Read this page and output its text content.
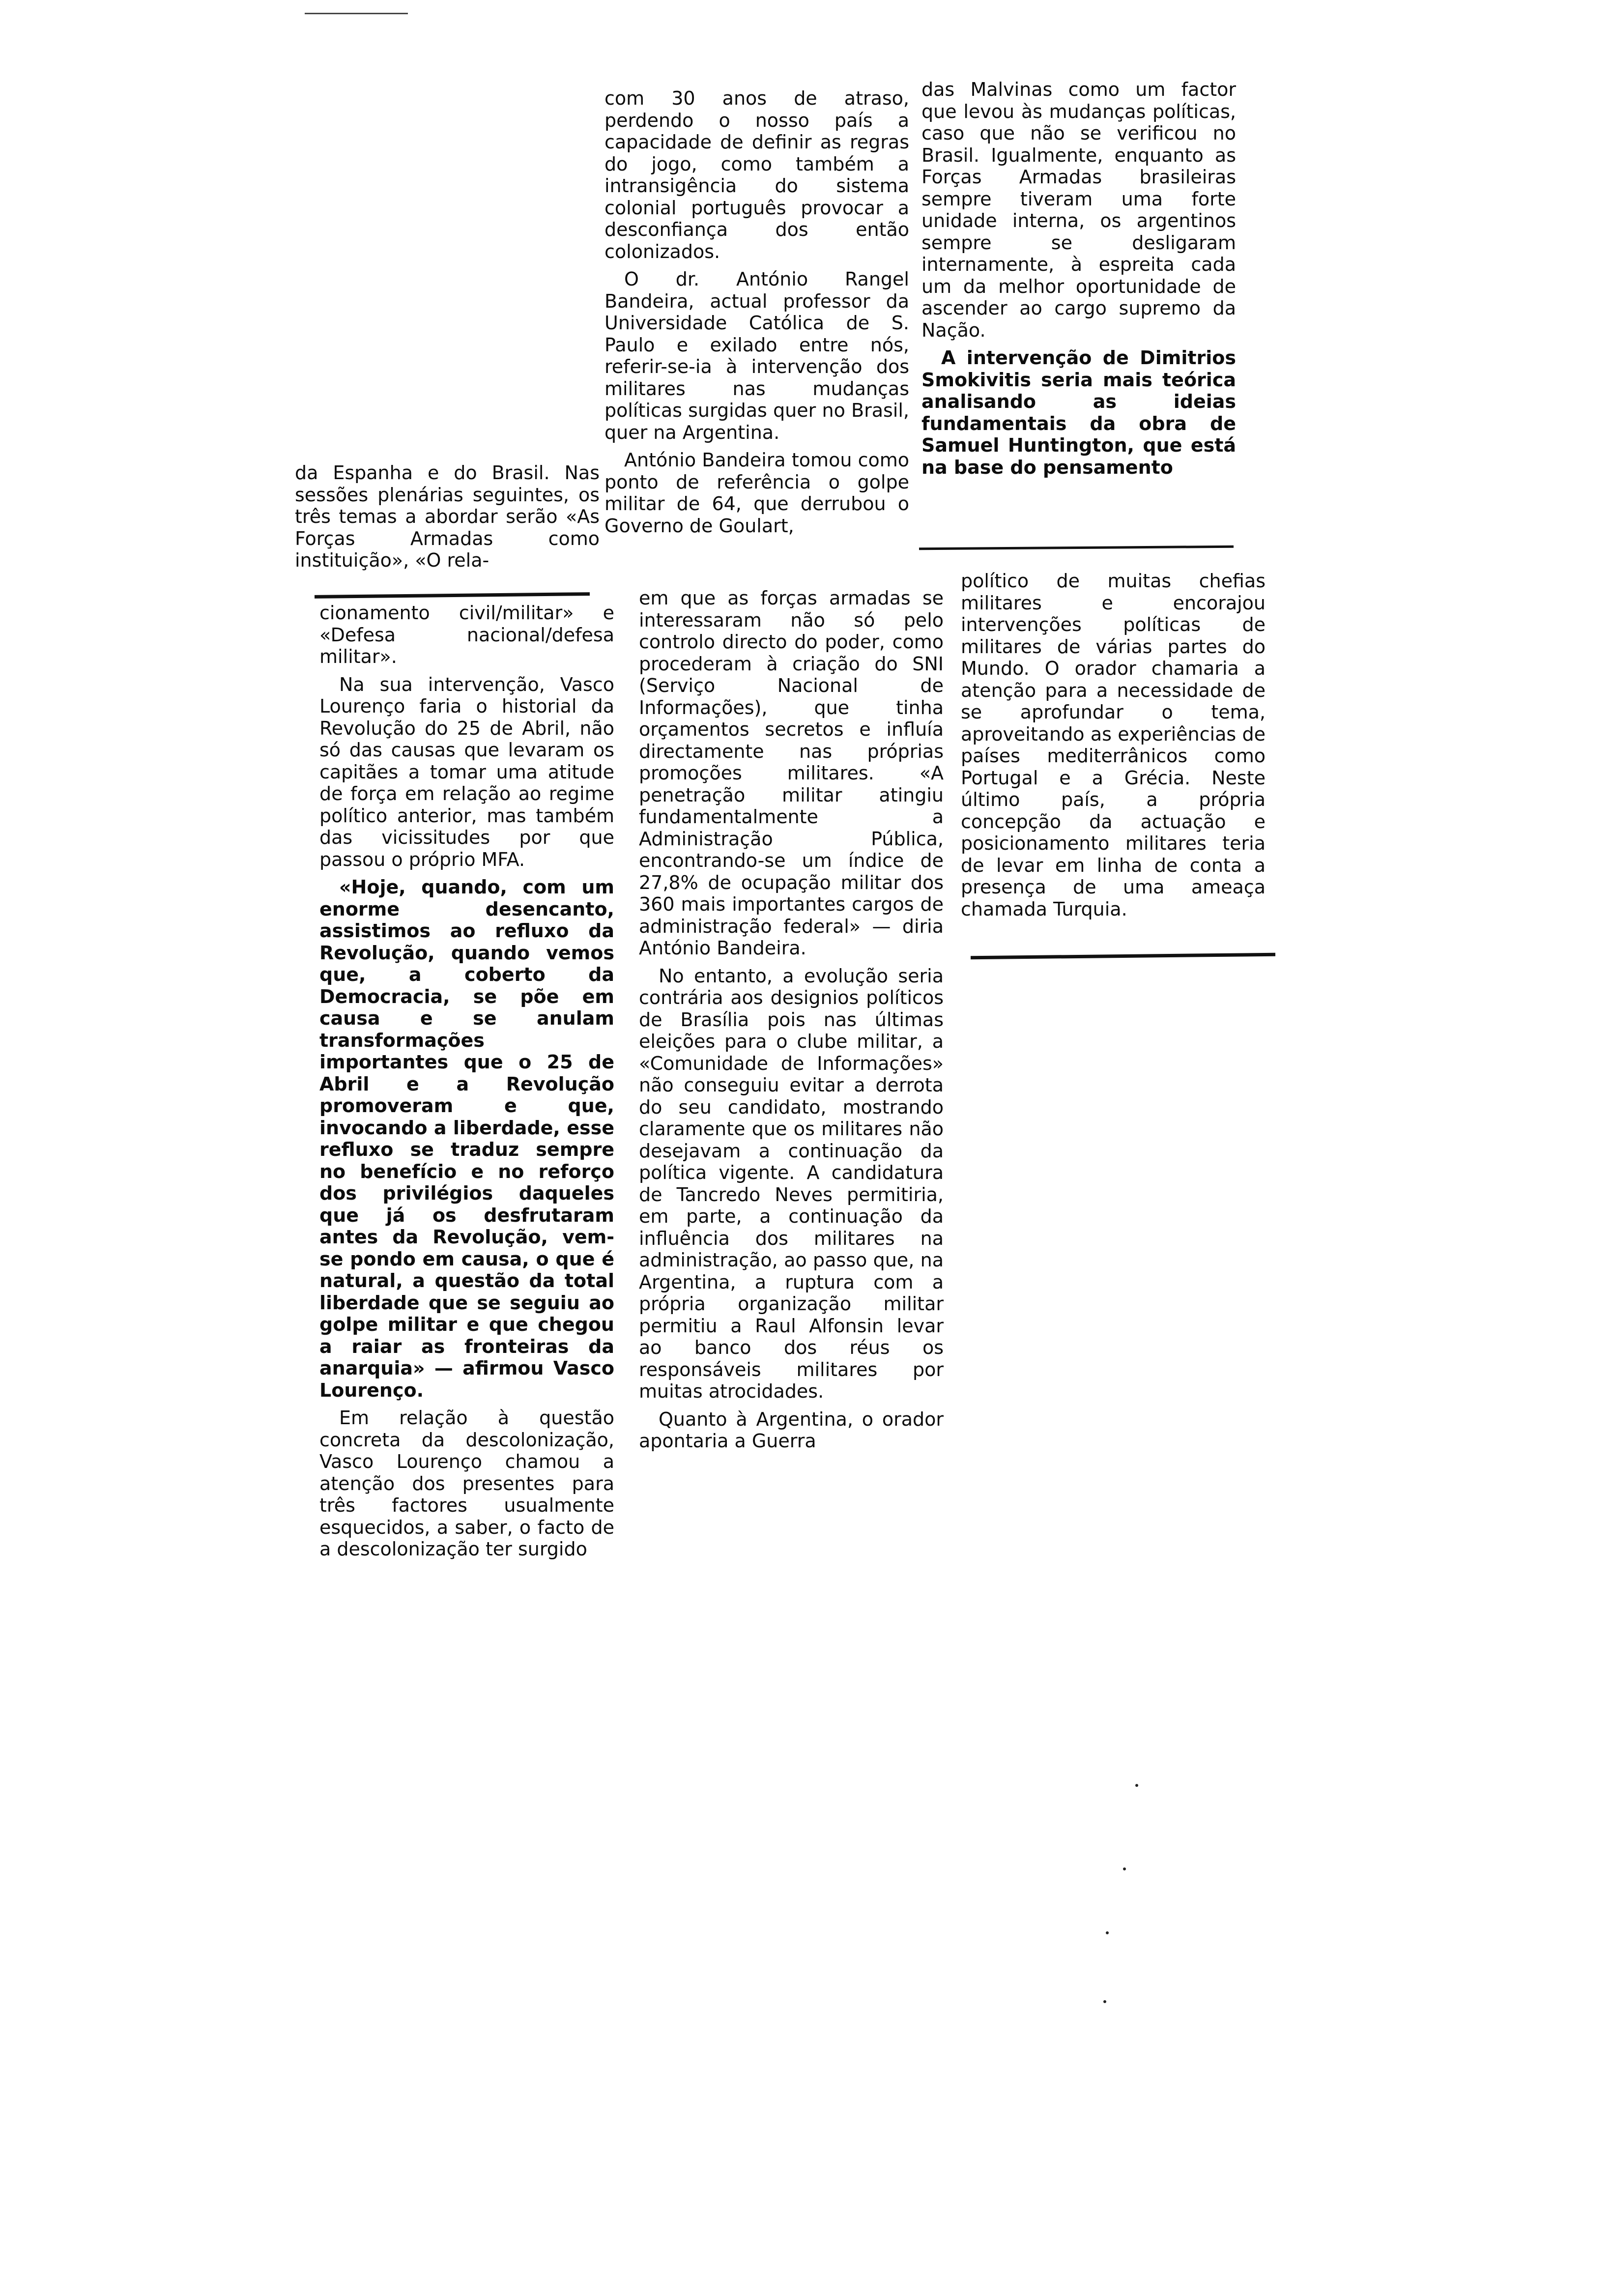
com 30 anos de atraso, perdendo o nosso país a capacidade de definir as regras do jogo, como também a intransigência do sistema colonial português provocar a desconfiança dos então colonizados.

O dr. António Rangel Bandeira, actual professor da Universidade Católica de S. Paulo e exilado entre nós, referir-se-ia à intervenção dos militares nas mudanças políticas surgidas quer no Brasil, quer na Argentina.

António Bandeira tomou como ponto de referência o golpe militar de 64, que derrubou o Governo de Goulart,

das Malvinas como um factor que levou às mudanças políticas, caso que não se verificou no Brasil. Igualmente, enquanto as Forças Armadas brasileiras sempre tiveram uma forte unidade interna, os argentinos sempre se desligaram internamente, à espreita cada um da melhor oportunidade de ascender ao cargo supremo da Nação.

A intervenção de Dimitrios Smokivitis seria mais teórica analisando as ideias fundamentais da obra de Samuel Huntington, que está na base do pensamento

da Espanha e do Brasil. Nas sessões plenárias seguintes, os três temas a abordar serão «As Forças Armadas como instituição», «O rela-

cionamento civil/militar» e «Defesa nacional/defesa militar».

Na sua intervenção, Vasco Lourenço faria o historial da Revolução do 25 de Abril, não só das causas que levaram os capitães a tomar uma atitude de força em relação ao regime político anterior, mas também das vicissitudes por que passou o próprio MFA.

«Hoje, quando, com um enorme desencanto, assistimos ao refluxo da Revolução, quando vemos que, a coberto da Democracia, se põe em causa e se anulam transformações importantes que o 25 de Abril e a Revolução promoveram e que, invocando a liberdade, esse refluxo se traduz sempre no benefício e no reforço dos privilégios daqueles que já os desfrutaram antes da Revolução, vem-se pondo em causa, o que é natural, a questão da total liberdade que se seguiu ao golpe militar e que chegou a raiar as fronteiras da anarquia» — afirmou Vasco Lourenço.

Em relação à questão concreta da descolonização, Vasco Lourenço chamou a atenção dos presentes para três factores usualmente esquecidos, a saber, o facto de a descolonização ter surgido

em que as forças armadas se interessaram não só pelo controlo directo do poder, como procederam à criação do SNI (Serviço Nacional de Informações), que tinha orçamentos secretos e influía directamente nas próprias promoções militares. «A penetração militar atingiu fundamentalmente a Administração Pública, encontrando-se um índice de 27,8% de ocupação militar dos 360 mais importantes cargos de administração federal» — diria António Bandeira.

No entanto, a evolução seria contrária aos designios políticos de Brasília pois nas últimas eleições para o clube militar, a «Comunidade de Informações» não conseguiu evitar a derrota do seu candidato, mostrando claramente que os militares não desejavam a continuação da política vigente. A candidatura de Tancredo Neves permitiria, em parte, a continuação da influência dos militares na administração, ao passo que, na Argentina, a ruptura com a própria organização militar permitiu a Raul Alfonsin levar ao banco dos réus os responsáveis militares por muitas atrocidades.

Quanto à Argentina, o orador apontaria a Guerra

político de muitas chefias militares e encorajou intervenções políticas de militares de várias partes do Mundo. O orador chamaria a atenção para a necessidade de se aprofundar o tema, aproveitando as experiências de países mediterrânicos como Portugal e a Grécia. Neste último país, a própria concepção da actuação e posicionamento militares teria de levar em linha de conta a presença de uma ameaça chamada Turquia.
